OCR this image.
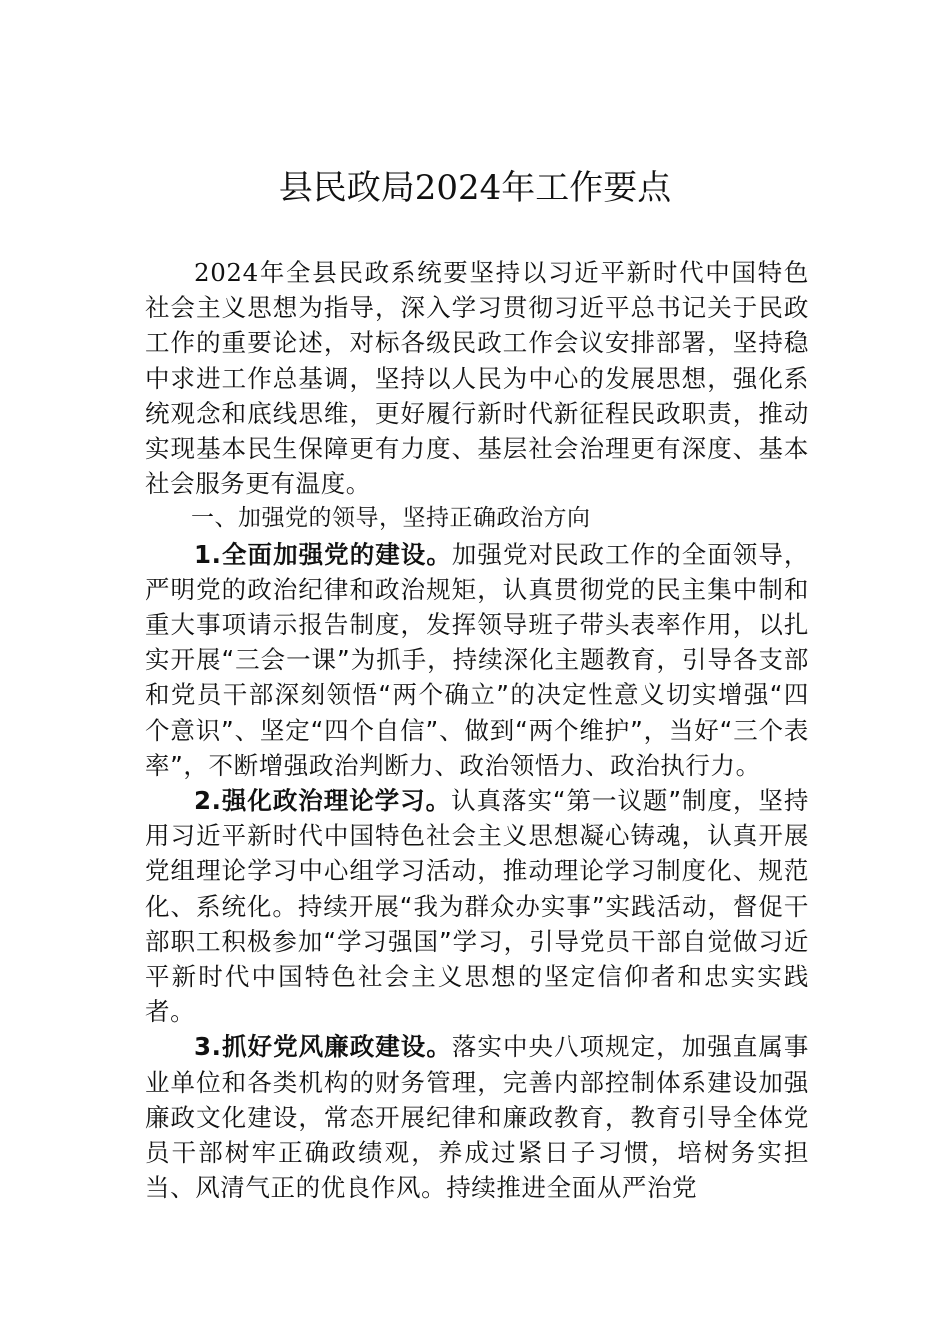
县民政局2024年工作要点

2024年全县民政系统要坚持以习近平新时代中国特色社会主义思想为指导，深入学习贯彻习近平总书记关于民政工作的重要论述，对标各级民政工作会议安排部署，坚持稳中求进工作总基调，坚持以人民为中心的发展思想，强化系统观念和底线思维，更好履行新时代新征程民政职责，推动实现基本民生保障更有力度、基层社会治理更有深度、基本社会服务更有温度。

一、加强党的领导，坚持正确政治方向

1.全面加强党的建设。加强党对民政工作的全面领导，严明党的政治纪律和政治规矩，认真贯彻党的民主集中制和重大事项请示报告制度，发挥领导班子带头表率作用，以扎实开展“三会一课”为抓手，持续深化主题教育，引导各支部和党员干部深刻领悟“两个确立”的决定性意义切实增强“四个意识”、坚定“四个自信”、做到“两个维护”，当好“三个表率”，不断增强政治判断力、政治领悟力、政治执行力。

2.强化政治理论学习。认真落实“第一议题”制度，坚持用习近平新时代中国特色社会主义思想凝心铸魂，认真开展党组理论学习中心组学习活动，推动理论学习制度化、规范化、系统化。持续开展“我为群众办实事”实践活动，督促干部职工积极参加“学习强国”学习，引导党员干部自觉做习近平新时代中国特色社会主义思想的坚定信仰者和忠实实践者。

3.抓好党风廉政建设。落实中央八项规定，加强直属事业单位和各类机构的财务管理，完善内部控制体系建设加强廉政文化建设，常态开展纪律和廉政教育，教育引导全体党员干部树牢正确政绩观，养成过紧日子习惯，培树务实担当、风清气正的优良作风。持续推进全面从严治党
